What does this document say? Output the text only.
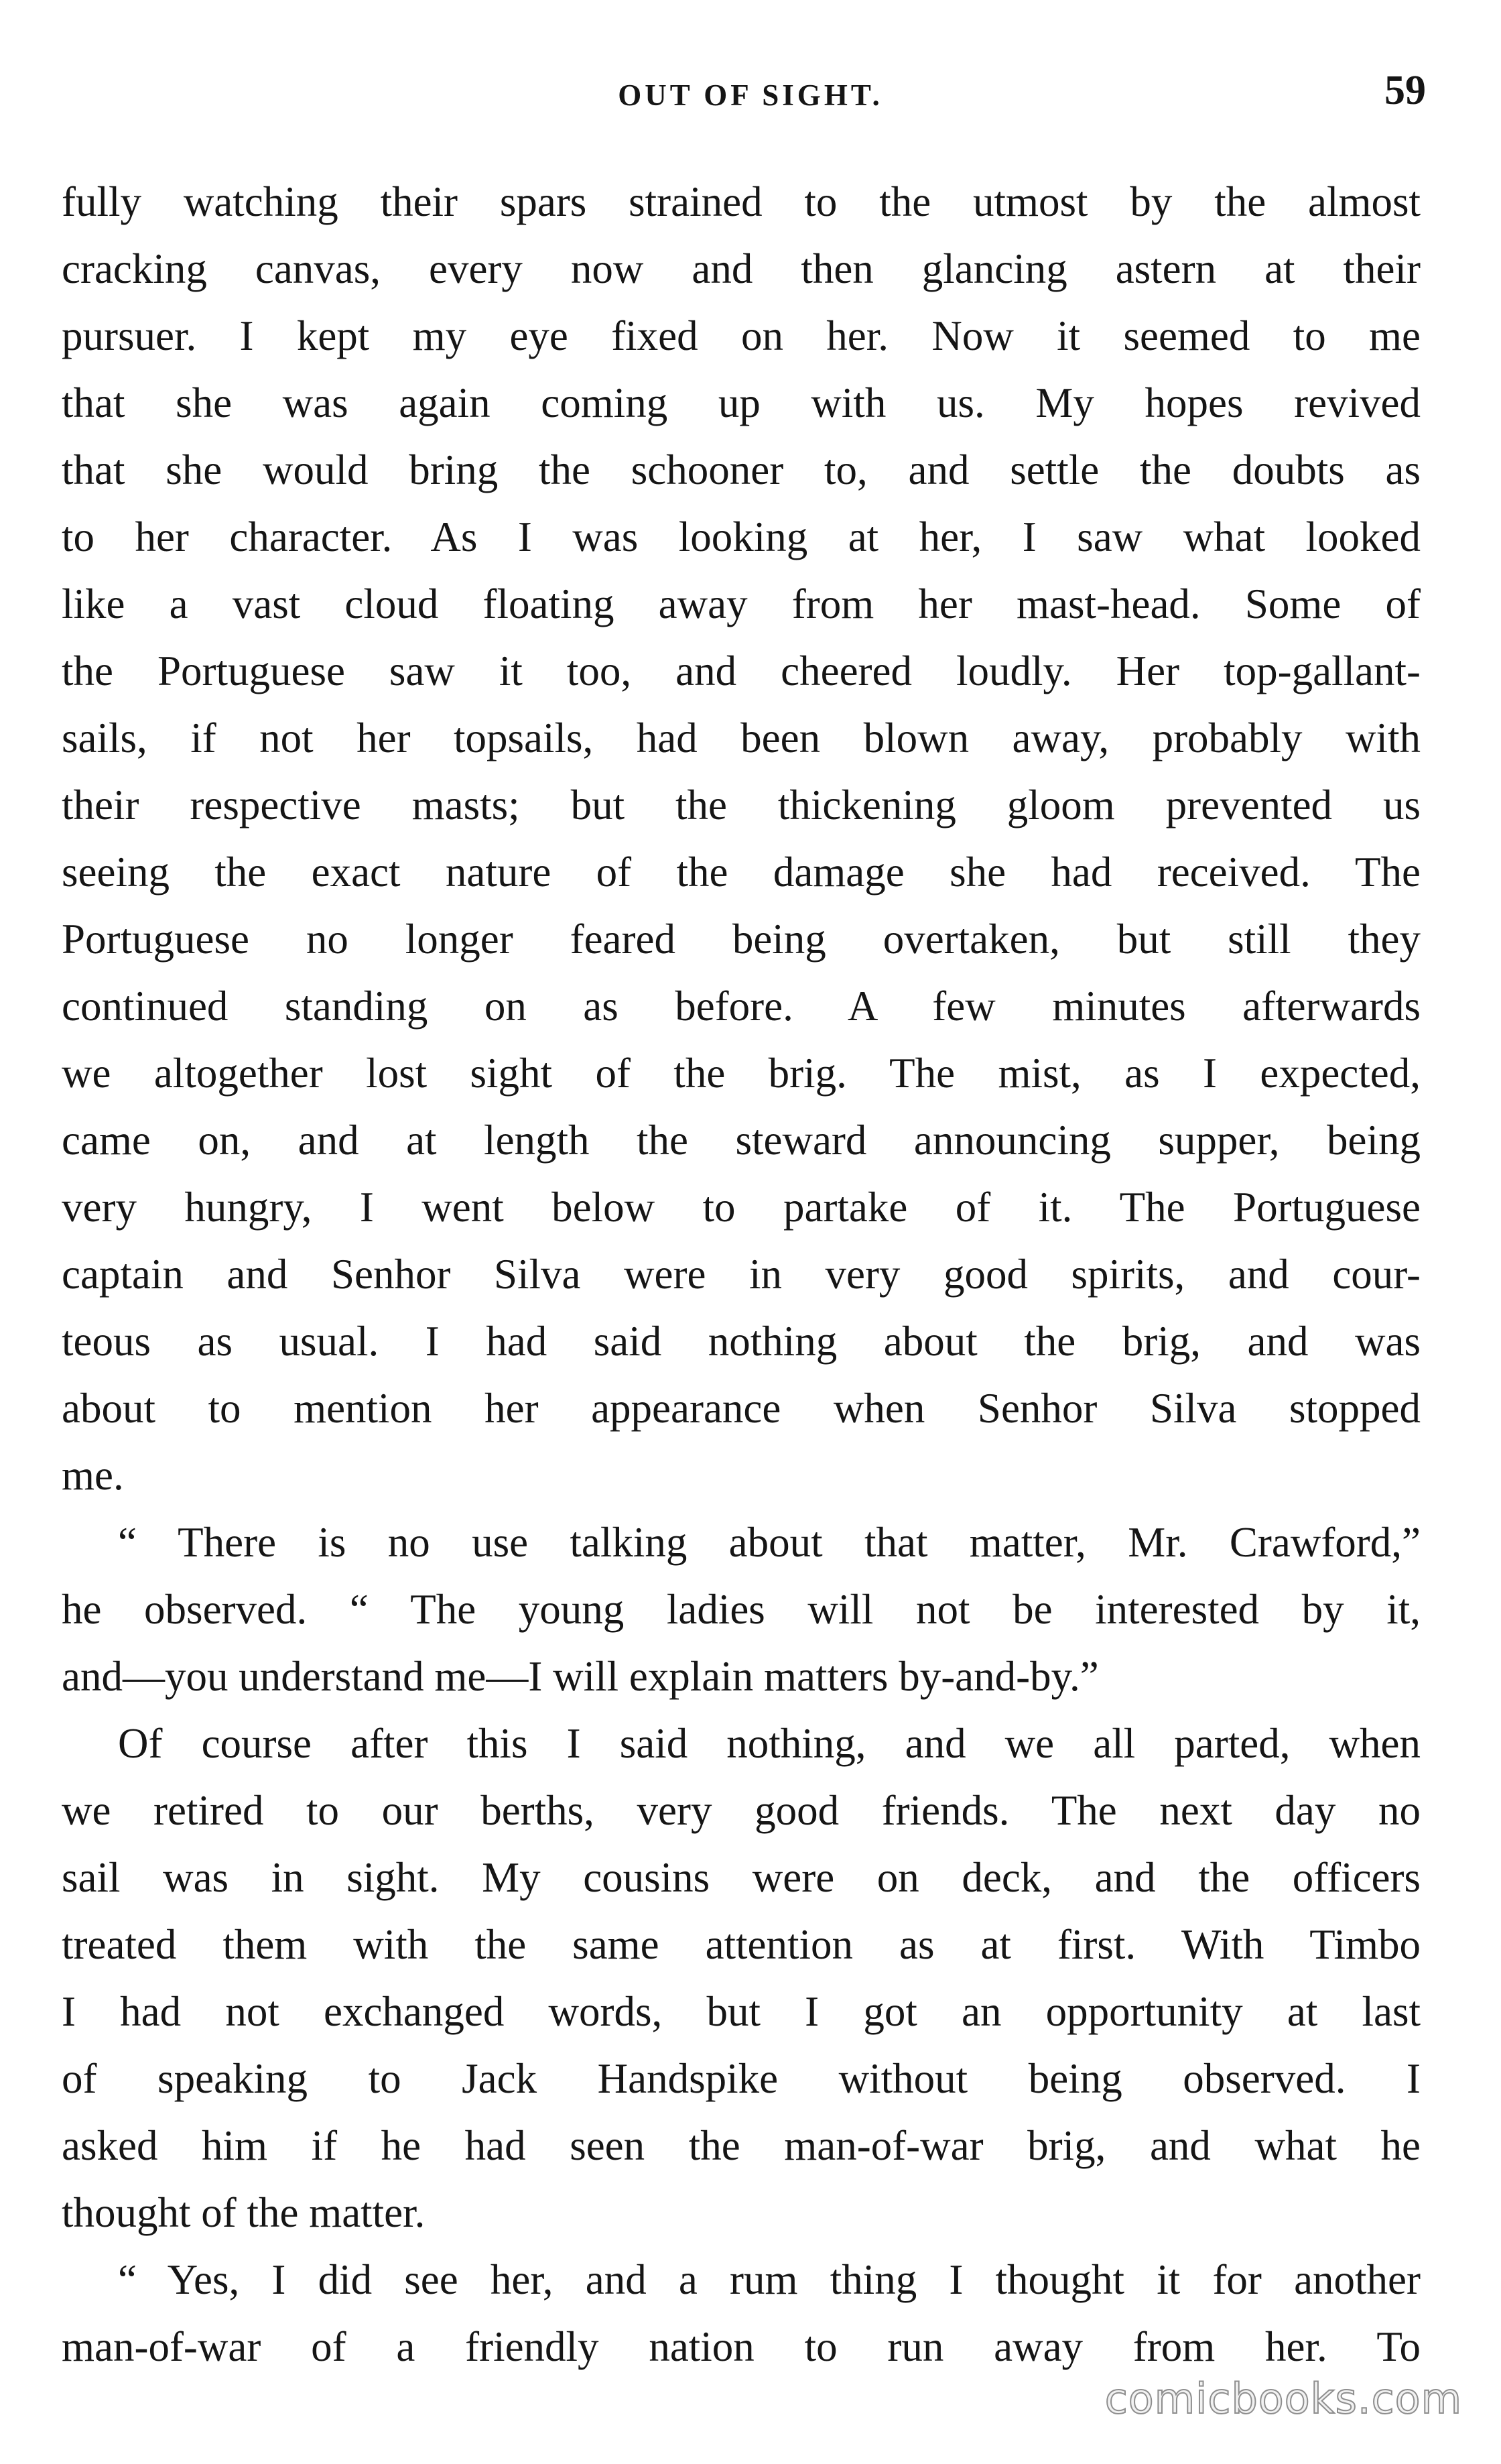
OUT OF SIGHT.	59
fully watching their spars strained to the utmost by the almost
cracking canvas, every now and then glancing astern at their
pursuer. I kept my eye fixed on her. Now it seemed to me
that she was again coming up with us. My hopes revived
that she would bring the schooner to, and settle the doubts as
to her character. As I was looking at her, I saw what looked
like a vast cloud floating away from her mast-head. Some of
the Portuguese saw it too, and cheered loudly. Her top-gallant-
sails, if not her topsails, had been blown away, probably with
their respective masts; but the thickening gloom prevented us
seeing the exact nature of the damage she had received. The
Portuguese no longer feared being overtaken, but still they
continued standing on as before. A few minutes afterwards
we altogether lost sight of the brig. The mist, as I expected,
came on, and at length the steward announcing supper, being
very hungry, I went below to partake of it. The Portuguese
captain and Senhor Silva were in very good spirits, and cour-
teous as usual. I had said nothing about the brig, and was
about to mention her appearance when Senhor Silva stopped
me.
“ There is no use talking about that matter, Mr. Crawford,”
he observed. “ The young ladies will not be interested by it,
and—you understand me—I will explain matters by-and-by.”
Of course after this I said nothing, and we all parted, when
we retired to our berths, very good friends. The next day no
sail was in sight. My cousins were on deck, and the officers
treated them with the same attention as at first. With Timbo
I had not exchanged words, but I got an opportunity at last
of speaking to Jack Handspike without being observed. I
asked him if he had seen the man-of-war brig, and what he
thought of the matter.
“ Yes, I did see her, and a rum thing I thought it for another
man-of-war of a friendly nation to run away from her. To
comicbooks.com
